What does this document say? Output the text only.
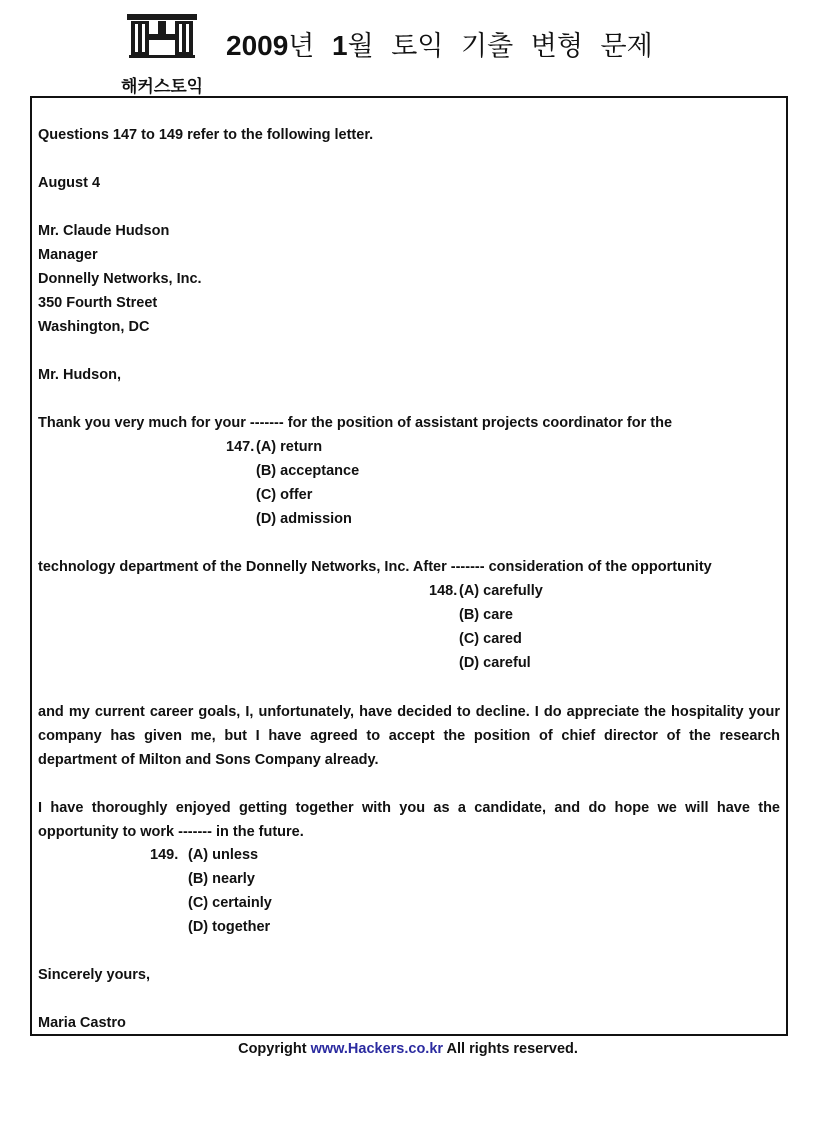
해커스토익
2009년 1월 토익 기출 변형 문제
Questions 147 to 149 refer to the following letter.
August 4
Mr. Claude Hudson
Manager
Donnelly Networks, Inc.
350 Fourth Street
Washington, DC
Mr. Hudson,
Thank you very much for your ------- for the position of assistant projects coordinator for the
147. (A) return
(B) acceptance
(C) offer
(D) admission
technology department of the Donnelly Networks, Inc. After ------- consideration of the opportunity
148. (A) carefully
(B) care
(C) cared
(D) careful
and my current career goals, I, unfortunately, have decided to decline. I do appreciate the hospitality your company has given me, but I have agreed to accept the position of chief director of the research department of Milton and Sons Company already.
I have thoroughly enjoyed getting together with you as a candidate, and do hope we will have the opportunity to work ------- in the future.
149. (A) unless
(B) nearly
(C) certainly
(D) together
Sincerely yours,
Maria Castro
Copyright www.Hackers.co.kr All rights reserved.
